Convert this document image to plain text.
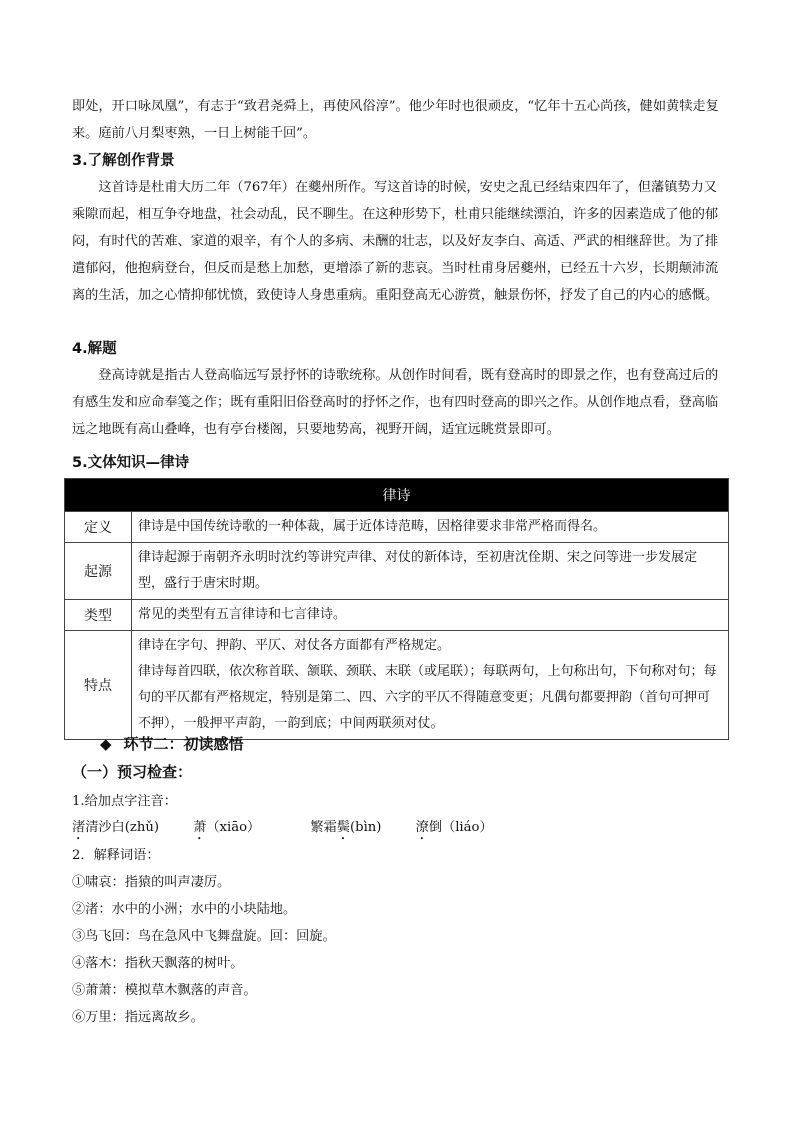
即处，开口咏凤凰”，有志于“致君尧舜上，再使风俗淳”。他少年时也很顽皮，“忆年十五心尚孩，健如黄犊走复来。庭前八月梨枣熟，一日上树能千回”。

3.了解创作背景

这首诗是杜甫大历二年（767年）在夔州所作。写这首诗的时候，安史之乱已经结束四年了，但藩镇势力又乘隙而起，相互争夺地盘，社会动乱，民不聊生。在这种形势下，杜甫只能继续漂泊，许多的因素造成了他的郁闷，有时代的苦难、家道的艰辛，有个人的多病、未酬的壮志，以及好友李白、高适、严武的相继辞世。为了排遣郁闷，他抱病登台，但反而是愁上加愁，更增添了新的悲哀。当时杜甫身居夔州，已经五十六岁，长期颠沛流离的生活，加之心情抑郁忧愤，致使诗人身患重病。重阳登高无心游赏，触景伤怀，抒发了自己的内心的感慨。

4.解题

登高诗就是指古人登高临远写景抒怀的诗歌统称。从创作时间看，既有登高时的即景之作，也有登高过后的有感生发和应命奉笺之作；既有重阳旧俗登高时的抒怀之作，也有四时登高的即兴之作。从创作地点看，登高临远之地既有高山叠峰，也有亭台楼阁，只要地势高，视野开阔，适宜远眺赏景即可。

5.文体知识—律诗
律诗	
定义	律诗是中国传统诗歌的一种体裁，属于近体诗范畴，因格律要求非常严格而得名。
起源	律诗起源于南朝齐永明时沈约等讲究声律、对仗的新体诗，至初唐沈佺期、宋之问等进一步发展定型，盛行于唐宋时期。
类型	常见的类型有五言律诗和七言律诗。
特点	律诗在字句、押韵、平仄、对仗各方面都有严格规定。
律诗每首四联，依次称首联、颔联、颈联、末联（或尾联）；每联两句，上句称出句，下句称对句；每句的平仄都有严格规定，特别是第二、四、六字的平仄不得随意变更；凡偶句都要押韵（首句可押可不押），一般押平声韵，一韵到底；中间两联须对仗。
◆ 环节二：初读感悟
（一）预习检查：

1.给加点字注音：

渚清沙白(zhǔ)	萧（xiāo）	繁霜鬓(bìn)	潦倒（liáo）

2．解释词语：

①啸哀：指猿的叫声凄厉。

②渚：水中的小洲；水中的小块陆地。

③鸟飞回：鸟在急风中飞舞盘旋。回：回旋。

④落木：指秋天飘落的树叶。

⑤萧萧：模拟草木飘落的声音。

⑥万里：指远离故乡。
